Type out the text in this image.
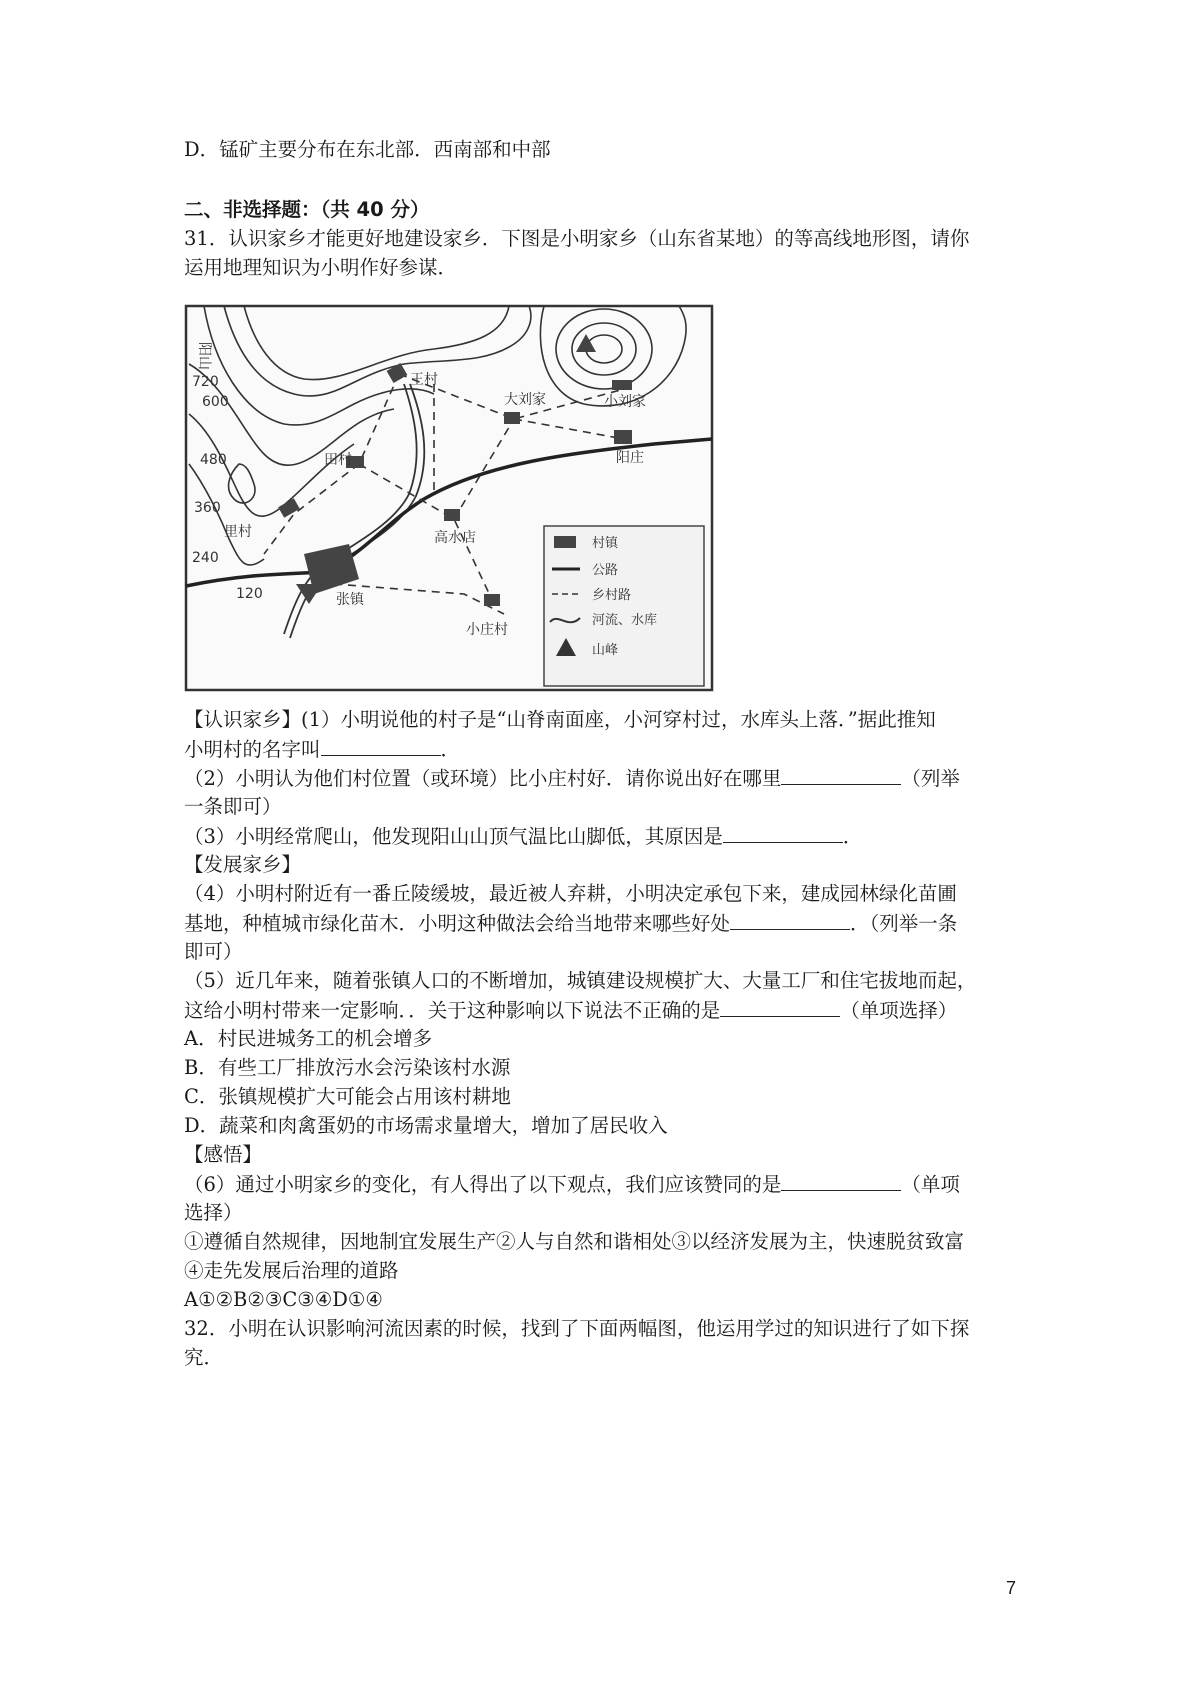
D．锰矿主要分布在东北部．西南部和中部
二、非选择题：（共 40 分）
31．认识家乡才能更好地建设家乡．下图是小明家乡（山东省某地）的等高线地形图，请你
运用地理知识为小明作好参谋．
阳山
720
600
480
360
240
120
王村
大刘家	小刘家
阳庄
田村
里村
张镇
高水店
小庄村
村镇
公路
乡村路
河流、水库
山峰
【认识家乡】(1）小明说他的村子是“山脊南面座，小河穿村过，水库头上落．”据此推知
小明村的名字叫	．
（2）小明认为他们村位置（或环境）比小庄村好．请你说出好在哪里	（列举
一条即可）
（3）小明经常爬山，他发现阳山山顶气温比山脚低，其原因是	．
【发展家乡】
（4）小明村附近有一番丘陵缓坡，最近被人弃耕，小明决定承包下来，建成园林绿化苗圃
基地，种植城市绿化苗木．小明这种做法会给当地带来哪些好处	．（列举一条
即可）
（5）近几年来，随着张镇人口的不断增加，城镇建设规模扩大、大量工厂和住宅拔地而起，
这给小明村带来一定影响．．关于这种影响以下说法不正确的是	（单项选择）
A．村民进城务工的机会增多
B．有些工厂排放污水会污染该村水源
C．张镇规模扩大可能会占用该村耕地
D．蔬菜和肉禽蛋奶的市场需求量增大，增加了居民收入
【感悟】
（6）通过小明家乡的变化，有人得出了以下观点，我们应该赞同的是	（单项
选择）
①遵循自然规律，因地制宜发展生产②人与自然和谐相处③以经济发展为主，快速脱贫致富
④走先发展后治理的道路
A①②B②③C③④D①④
32．小明在认识影响河流因素的时候，找到了下面两幅图，他运用学过的知识进行了如下探
究．
7
